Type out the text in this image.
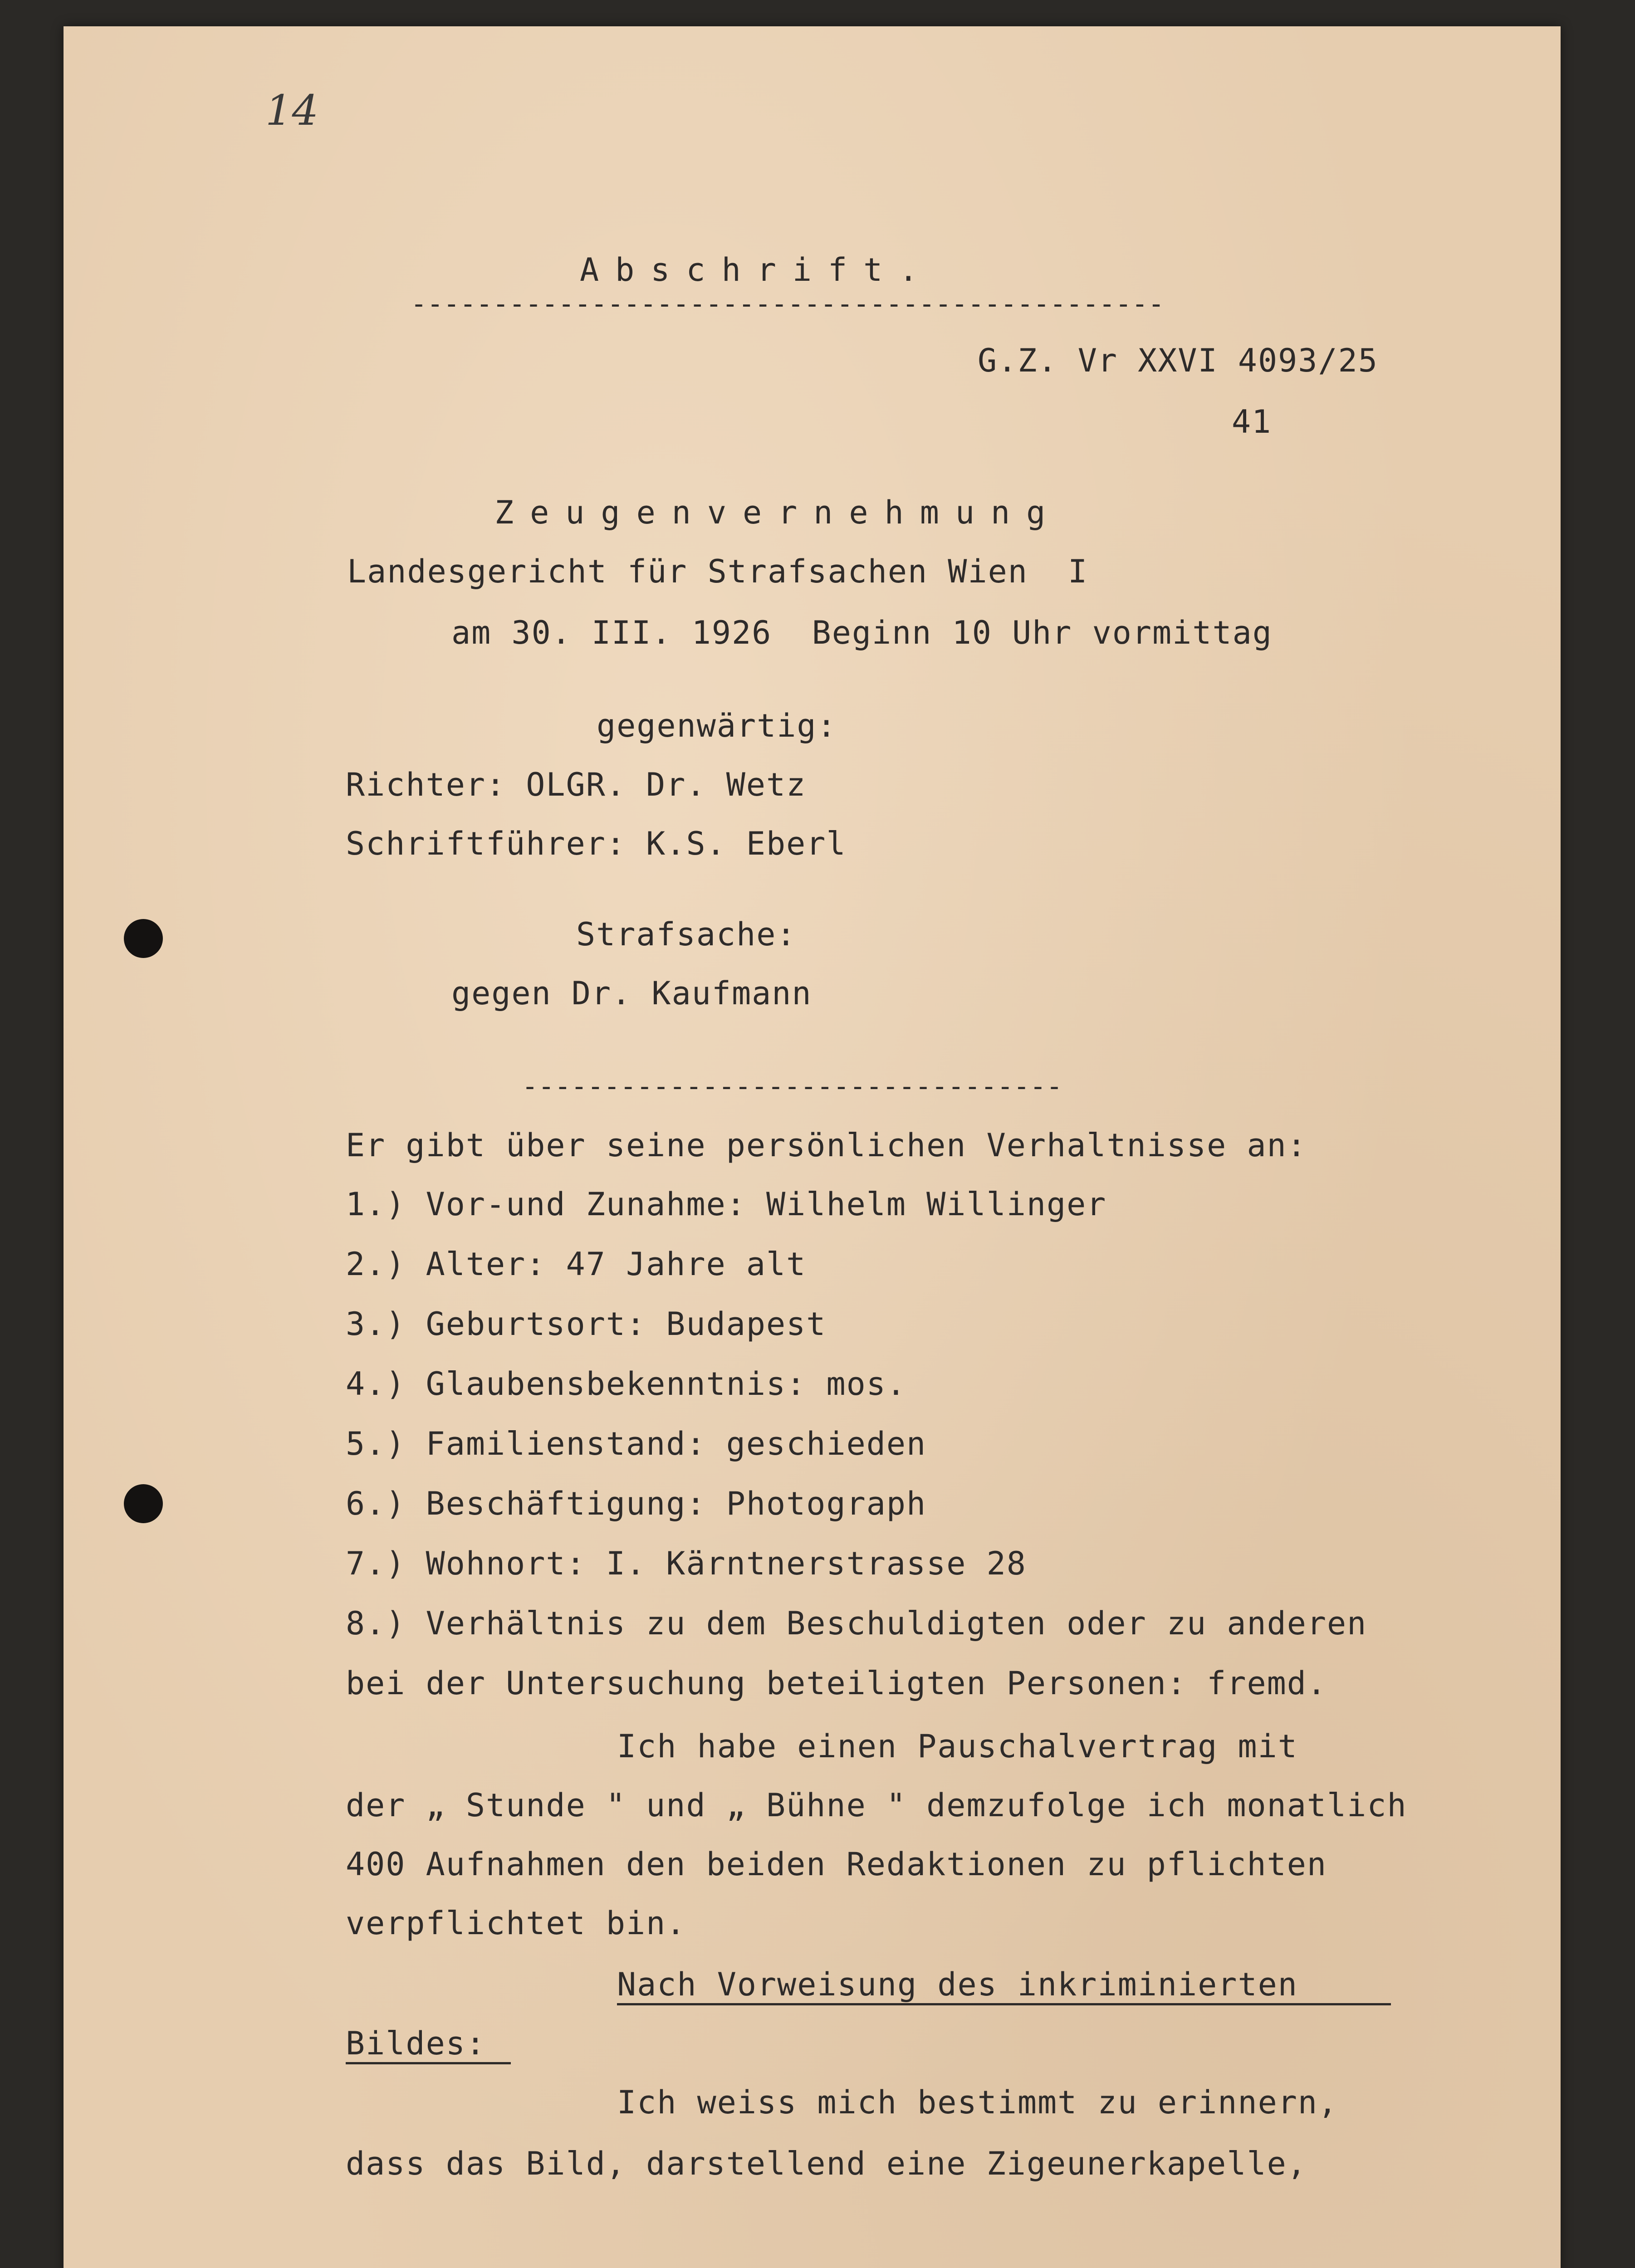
14
Abschrift.
----------------------------------------------
G.Z. Vr XXVI 4093/25
41
Zeugenvernehmung
Landesgericht für Strafsachen Wien  I
am 30. III. 1926  Beginn 10 Uhr vormittag
gegenwärtig:
Richter: OLGR. Dr. Wetz
Schriftführer: K.S. Eberl
Strafsache:
gegen Dr. Kaufmann
---------------------------------
Er gibt über seine persönlichen Verhaltnisse an:
1.) Vor-und Zunahme: Wilhelm Willinger
2.) Alter: 47 Jahre alt
3.) Geburtsort: Budapest
4.) Glaubensbekenntnis: mos.
5.) Familienstand: geschieden
6.) Beschäftigung: Photograph
7.) Wohnort: I. Kärntnerstrasse 28
8.) Verhältnis zu dem Beschuldigten oder zu anderen
bei der Untersuchung beteiligten Personen: fremd.
Ich habe einen Pauschalvertrag mit
der „ Stunde " und „ Bühne " demzufolge ich monatlich
400 Aufnahmen den beiden Redaktionen zu pflichten
verpflichtet bin.
Nach Vorweisung des inkriminierten
Bildes:
Ich weiss mich bestimmt zu erinnern,
dass das Bild, darstellend eine Zigeunerkapelle,
